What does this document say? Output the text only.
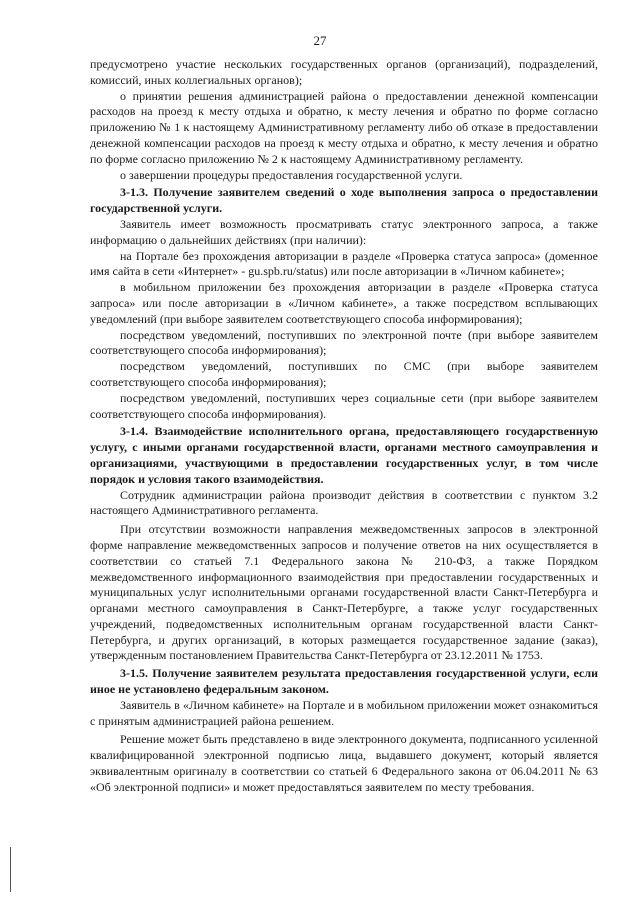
27

предусмотрено участие нескольких государственных органов (организаций), подразделений, комиссий, иных коллегиальных органов);

о принятии решения администрацией района о предоставлении денежной компенсации расходов на проезд к месту отдыха и обратно, к месту лечения и обратно по форме согласно приложению № 1 к настоящему Административному регламенту либо об отказе в предоставлении денежной компенсации расходов на проезд к месту отдыха и обратно, к месту лечения и обратно по форме согласно приложению № 2 к настоящему Административному регламенту.

о завершении процедуры предоставления государственной услуги.

3-1.3. Получение заявителем сведений о ходе выполнения запроса о предоставлении государственной услуги.

Заявитель имеет возможность просматривать статус электронного запроса, а также информацию о дальнейших действиях (при наличии):

на Портале без прохождения авторизации в разделе «Проверка статуса запроса» (доменное имя сайта в сети «Интернет» - gu.spb.ru/status) или после авторизации в «Личном кабинете»;

в мобильном приложении без прохождения авторизации в разделе «Проверка статуса запроса» или после авторизации в «Личном кабинете», а также посредством всплывающих уведомлений (при выборе заявителем соответствующего способа информирования);

посредством уведомлений, поступивших по электронной почте (при выборе заявителем соответствующего способа информирования);

посредством уведомлений, поступивших по СМС (при выборе заявителем соответствующего способа информирования);

посредством уведомлений, поступивших через социальные сети (при выборе заявителем соответствующего способа информирования).

3-1.4. Взаимодействие исполнительного органа, предоставляющего государственную услугу, с иными органами государственной власти, органами местного самоуправления и организациями, участвующими в предоставлении государственных услуг, в том числе порядок и условия такого взаимодействия.

Сотрудник администрации района производит действия в соответствии с пунктом 3.2 настоящего Административного регламента.

При отсутствии возможности направления межведомственных запросов в электронной форме направление межведомственных запросов и получение ответов на них осуществляется в соответствии со статьей 7.1 Федерального закона № 210-ФЗ, а также Порядком межведомственного информационного взаимодействия при предоставлении государственных и муниципальных услуг исполнительными органами государственной власти Санкт-Петербурга и органами местного самоуправления в Санкт-Петербурге, а также услуг государственных учреждений, подведомственных исполнительным органам государственной власти Санкт-Петербурга, и других организаций, в которых размещается государственное задание (заказ), утвержденным постановлением Правительства Санкт-Петербурга от 23.12.2011 № 1753.

3-1.5. Получение заявителем результата предоставления государственной услуги, если иное не установлено федеральным законом.

Заявитель в «Личном кабинете» на Портале и в мобильном приложении может ознакомиться с принятым администрацией района решением.

Решение может быть представлено в виде электронного документа, подписанного усиленной квалифицированной электронной подписью лица, выдавшего документ, который является эквивалентным оригиналу в соответствии со статьей 6 Федерального закона от 06.04.2011 № 63 «Об электронной подписи» и может предоставляться заявителем по месту требования.
